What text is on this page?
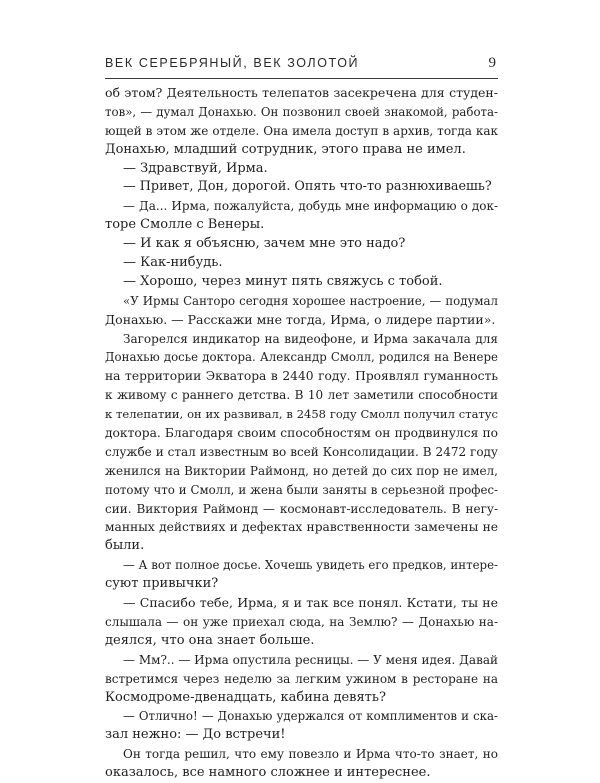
ВЕК СЕРЕБРЯНЫЙ, ВЕК ЗОЛОТОЙ	9
об этом? Деятельность телепатов засекречена для студен-
тов», — думал Донахью. Он позвонил своей знакомой, работа-
ющей в этом же отделе. Она имела доступ в архив, тогда как
Донахью, младший сотрудник, этого права не имел.
— Здравствуй, Ирма.
— Привет, Дон, дорогой. Опять что-то разнюхиваешь?
— Да... Ирма, пожалуйста, добудь мне информацию о док-
торе Смолле с Венеры.
— И как я объясню, зачем мне это надо?
— Как-нибудь.
— Хорошо, через минут пять свяжусь с тобой.
«У Ирмы Санторо сегодня хорошее настроение, — подумал
Донахью. — Расскажи мне тогда, Ирма, о лидере партии».
Загорелся индикатор на видеофоне, и Ирма закачала для
Донахью досье доктора. Александр Смолл, родился на Венере
на территории Экватора в 2440 году. Проявлял гуманность
к живому с раннего детства. В 10 лет заметили способности
к телепатии, он их развивал, в 2458 году Смолл получил статус
доктора. Благодаря своим способностям он продвинулся по
службе и стал известным во всей Консолидации. В 2472 году
женился на Виктории Раймонд, но детей до сих пор не имел,
потому что и Смолл, и жена были заняты в серьезной профес-
сии. Виктория Раймонд — космонавт-исследователь. В негу-
манных действиях и дефектах нравственности замечены не
были.
— А вот полное досье. Хочешь увидеть его предков, интере-
суют привычки?
— Спасибо тебе, Ирма, я и так все понял. Кстати, ты не
слышала — он уже приехал сюда, на Землю? — Донахью на-
деялся, что она знает больше.
— Мм?.. — Ирма опустила ресницы. — У меня идея. Давай
встретимся через неделю за легким ужином в ресторане на
Космодроме-двенадцать, кабина девять?
— Отлично! — Донахью удержался от комплиментов и ска-
зал нежно: — До встречи!
Он тогда решил, что ему повезло и Ирма что-то знает, но
оказалось, все намного сложнее и интереснее.
